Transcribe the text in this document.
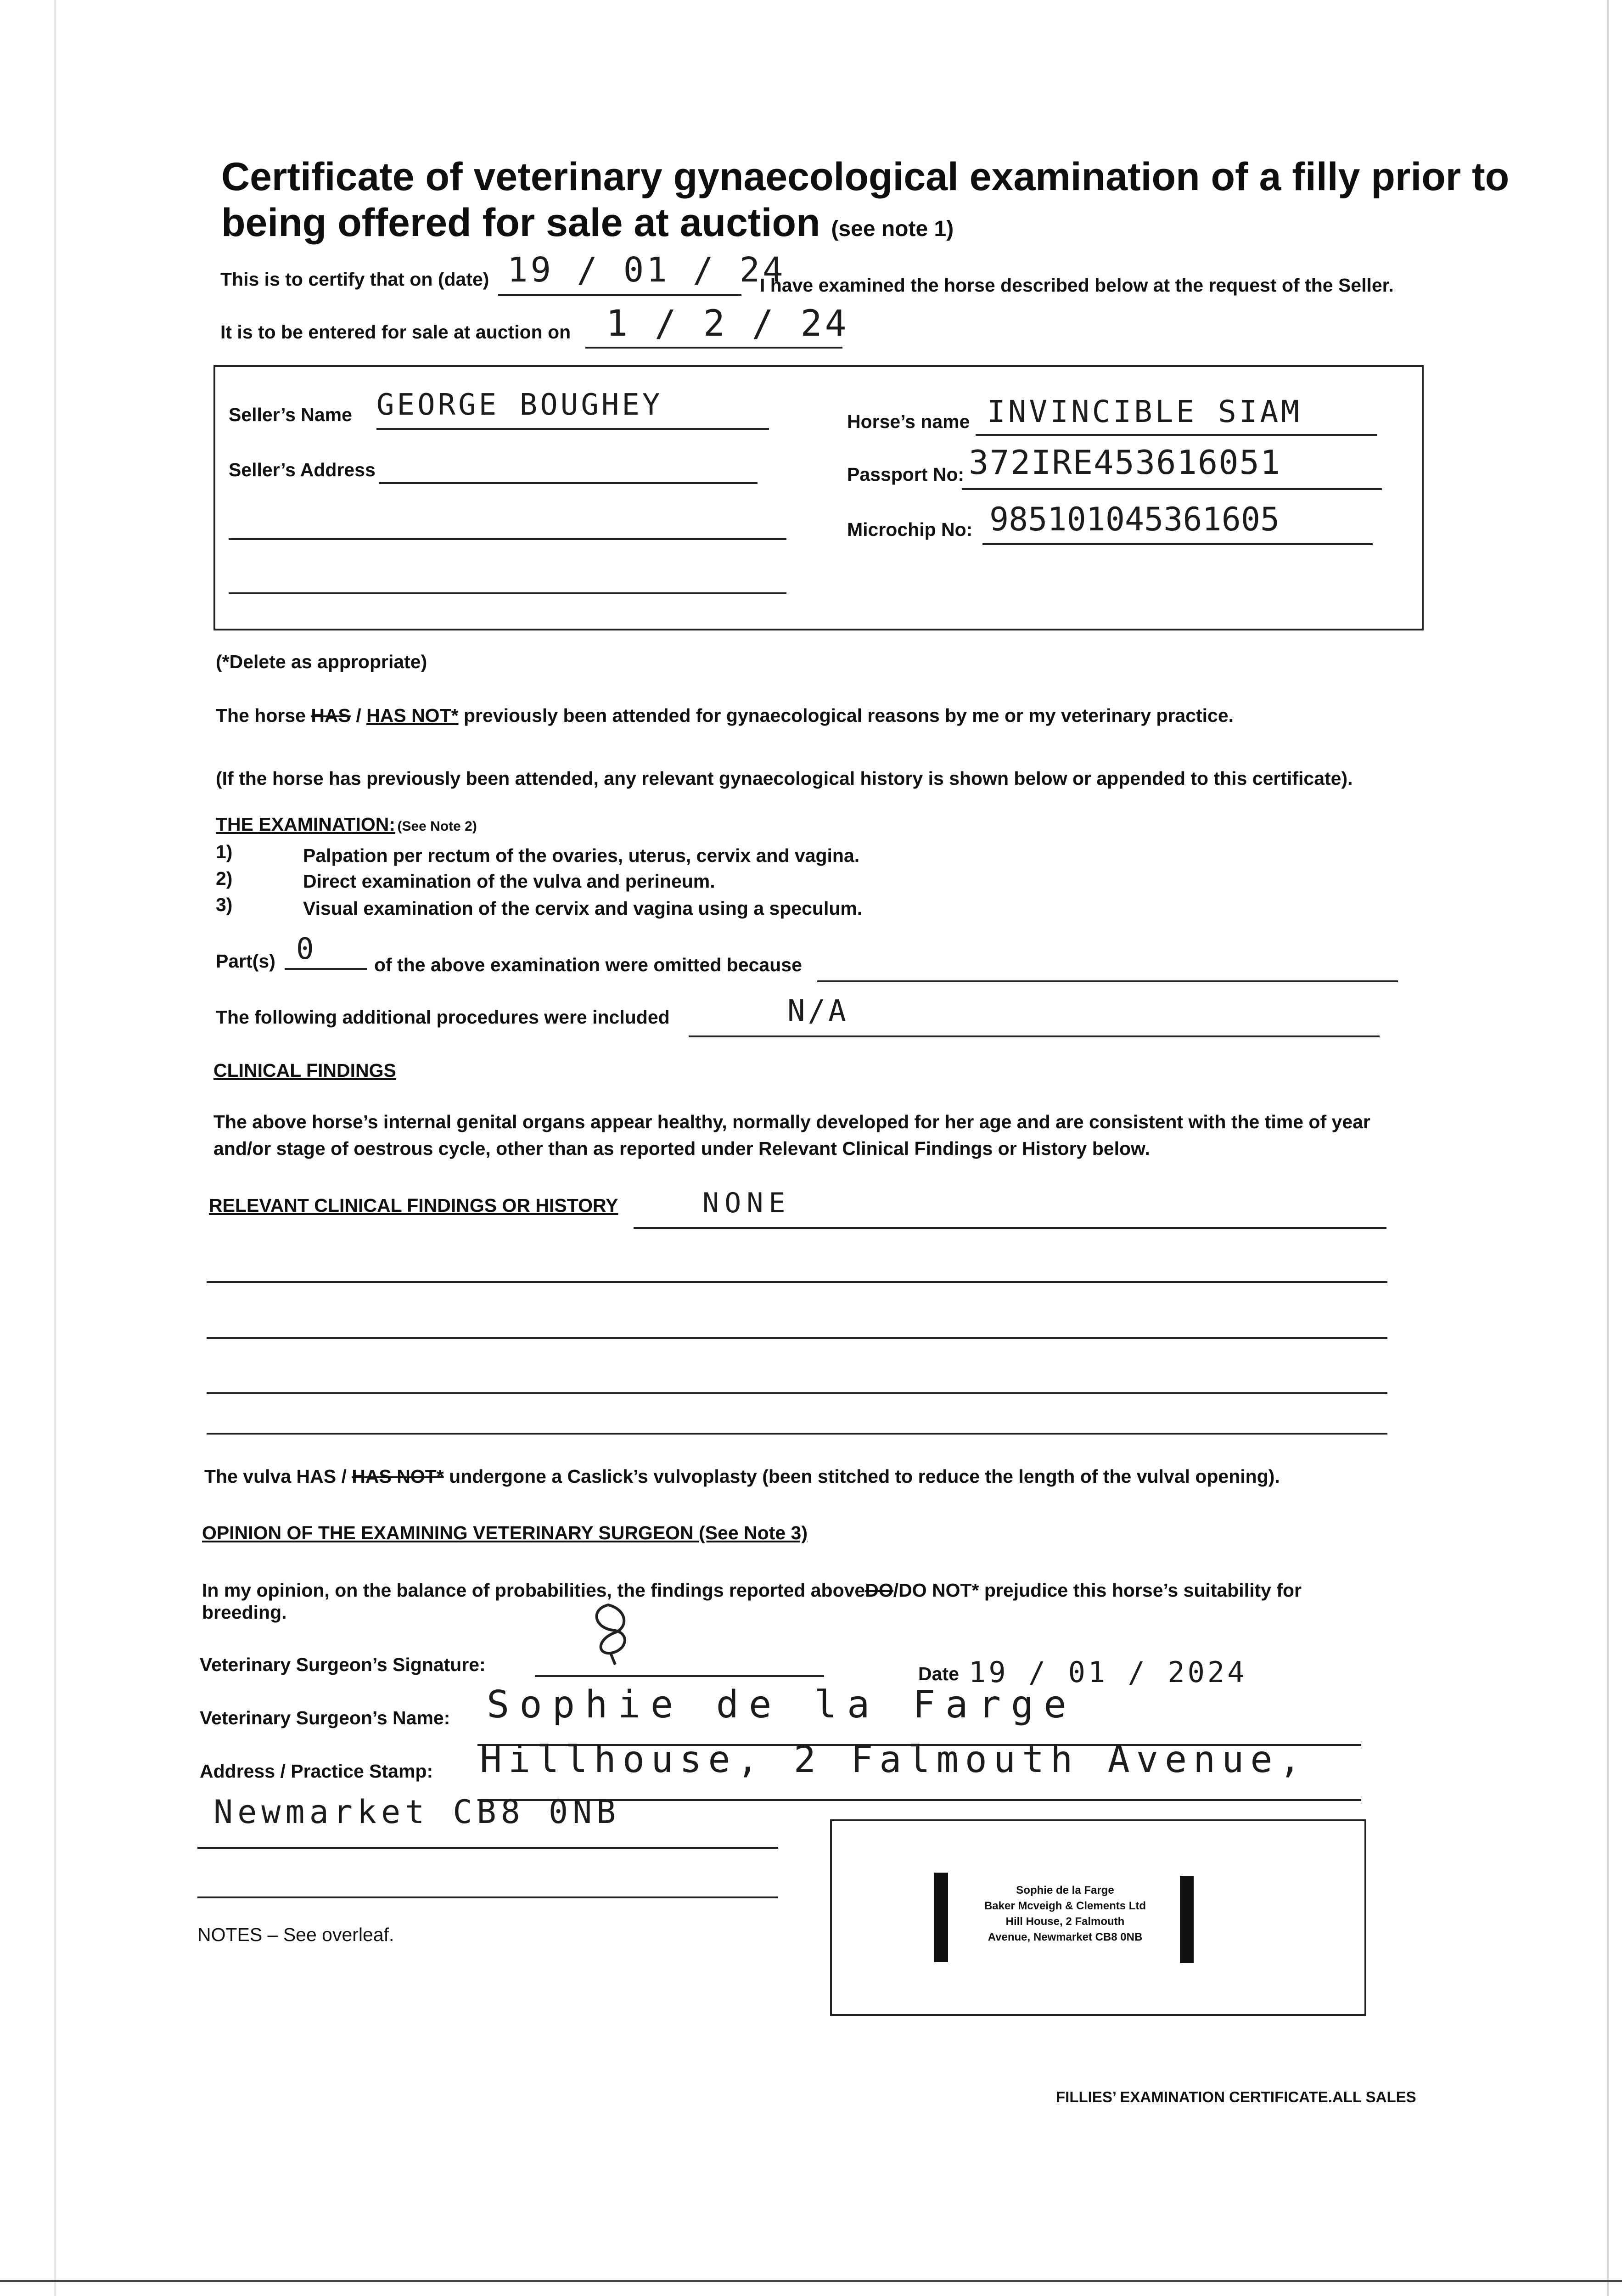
Certificate of veterinary gynaecological examination of a filly prior to
being offered for sale at auction (see note 1)
This is to certify that on (date) 19 / 01 / 24
I have examined the horse described below at the request of the Seller.
It is to be entered for sale at auction on 1 / 2 / 24
Seller’s Name GEORGE BOUGHEY
Seller’s Address
Horse’s name INVINCIBLE SIAM
Passport No: 372IRE453616051
Microchip No: 985101045361605
(*Delete as appropriate)
The horse HAS / HAS NOT* previously been attended for gynaecological reasons by me or my veterinary practice.
(If the horse has previously been attended, any relevant gynaecological history is shown below or appended to this certificate).
THE EXAMINATION: (See Note 2)
1)	Palpation per rectum of the ovaries, uterus, cervix and vagina.
2)	Direct examination of the vulva and perineum.
3)	Visual examination of the cervix and vagina using a speculum.
Part(s) 0	of the above examination were omitted because
The following additional procedures were included	N/A
CLINICAL FINDINGS
The above horse’s internal genital organs appear healthy, normally developed for her age and are consistent with the time of year
and/or stage of oestrous cycle, other than as reported under Relevant Clinical Findings or History below.
RELEVANT CLINICAL FINDINGS OR HISTORY	NONE
The vulva HAS / HAS NOT* undergone a Caslick’s vulvoplasty (been stitched to reduce the length of the vulval opening).
OPINION OF THE EXAMINING VETERINARY SURGEON (See Note 3)
In my opinion, on the balance of probabilities, the findings reported aboveDO/DO NOT* prejudice this horse’s suitability for
breeding.
Veterinary Surgeon’s Signature:	Date 19 / 01 / 2024
Veterinary Surgeon’s Name: Sophie de la Farge
Address / Practice Stamp: Hillhouse, 2 Falmouth Avenue,
Newmarket CB8 0NB
NOTES – See overleaf.
Sophie de la Farge
Baker Mcveigh & Clements Ltd
Hill House, 2 Falmouth
Avenue, Newmarket CB8 0NB
FILLIES’ EXAMINATION CERTIFICATE.ALL SALES
